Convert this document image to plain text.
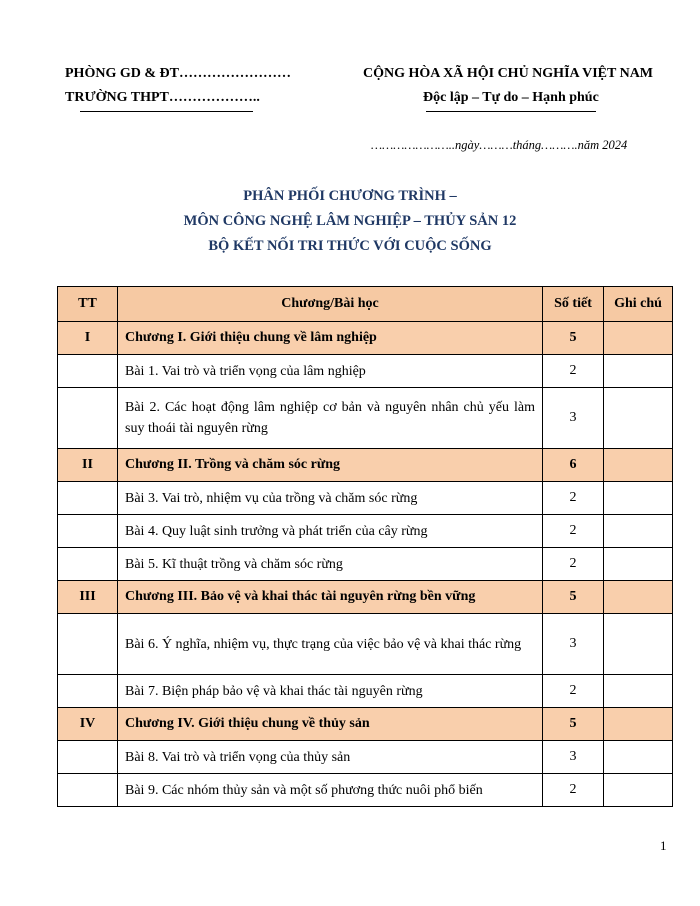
PHÒNG GD & ĐT……………………
TRƯỜNG THPT………………..
CỘNG HÒA XÃ HỘI CHỦ NGHĨA VIỆT NAM
Độc lập – Tự do – Hạnh phúc
…………………..ngày………tháng……….năm 2024
PHÂN PHỐI CHƯƠNG TRÌNH –
MÔN CÔNG NGHỆ LÂM NGHIỆP – THỦY SẢN 12
BỘ KẾT NỐI TRI THỨC VỚI CUỘC SỐNG
TT	Chương/Bài học	Số tiết	Ghi chú
I	Chương I. Giới thiệu chung về lâm nghiệp	5	
	Bài 1. Vai trò và triển vọng của lâm nghiệp	2	
	Bài 2. Các hoạt động lâm nghiệp cơ bản và nguyên nhân chủ yếu làm suy thoái tài nguyên rừng	3	
II	Chương II. Trồng và chăm sóc rừng	6	
	Bài 3. Vai trò, nhiệm vụ của trồng và chăm sóc rừng	2	
	Bài 4. Quy luật sinh trưởng và phát triển của cây rừng	2	
	Bài 5. Kĩ thuật trồng và chăm sóc rừng	2	
III	Chương III. Bảo vệ và khai thác tài nguyên rừng bền vững	5	
	Bài 6. Ý nghĩa, nhiệm vụ, thực trạng của việc bảo vệ và khai thác rừng	3	
	Bài 7. Biện pháp bảo vệ và khai thác tài nguyên rừng	2	
IV	Chương IV. Giới thiệu chung về thủy sản	5	
	Bài 8. Vai trò và triển vọng của thủy sản	3	
	Bài 9. Các nhóm thủy sản và một số phương thức nuôi phổ biến	2	
1
